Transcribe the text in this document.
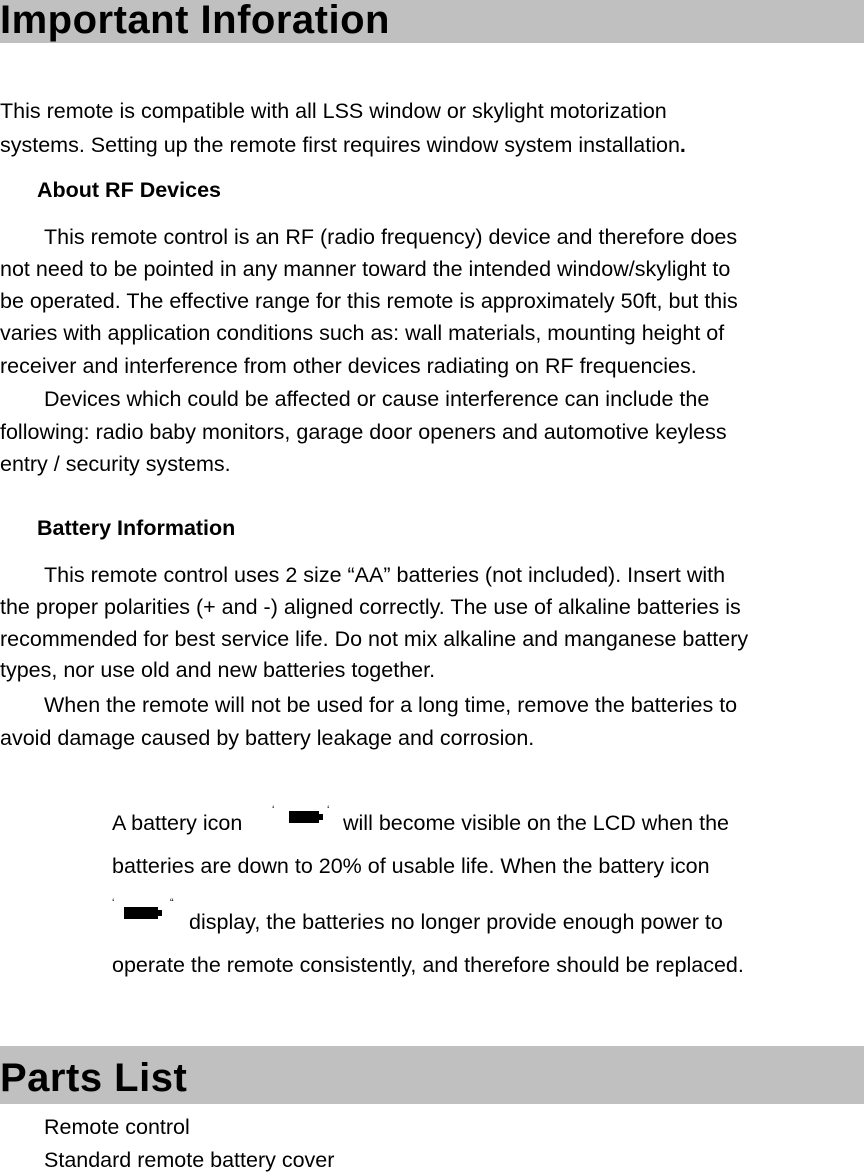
Important Inforation
This remote is compatible with all LSS window or skylight motorization
systems. Setting up the remote first requires window system installation.
About RF Devices
This remote control is an RF (radio frequency) device and therefore does
not need to be pointed in any manner toward the intended window/skylight to
be operated. The effective range for this remote is approximately 50ft, but this
varies with application conditions such as: wall materials, mounting height of
receiver and interference from other devices radiating on RF frequencies.
Devices which could be affected or cause interference can include the
following: radio baby monitors, garage door openers and automotive keyless
entry / security systems.
Battery Information
This remote control uses 2 size “AA” batteries (not included). Insert with
the proper polarities (+ and -) aligned correctly. The use of alkaline batteries is
recommended for best service life. Do not mix alkaline and manganese battery
types, nor use old and new batteries together.
When the remote will not be used for a long time, remove the batteries to
avoid damage caused by battery leakage and corrosion.
A battery icon
‘	‘
will become visible on the LCD when the
batteries are down to 20% of usable life. When the battery icon
‘	“
display, the batteries no longer provide enough power to
operate the remote consistently, and therefore should be replaced.
Parts List
Remote control
Standard remote battery cover
